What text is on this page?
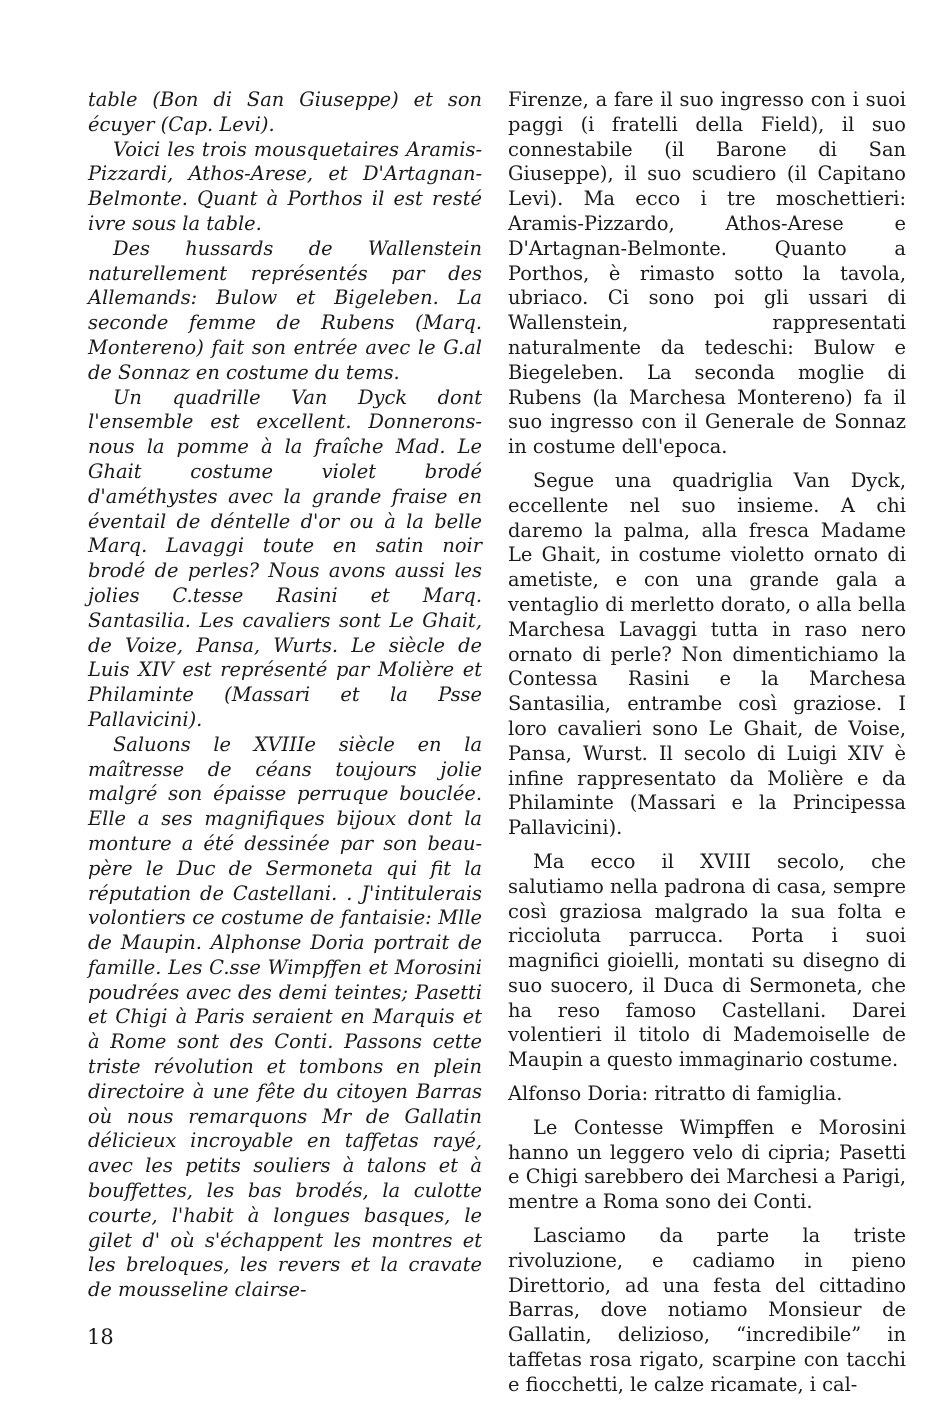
table (Bon di San Giuseppe) et son écuyer (Cap. Levi).

Voici les trois mousquetaires Aramis-Pizzardi, Athos-Arese, et D'Artagnan-Belmonte. Quant à Porthos il est resté ivre sous la table.

Des hussards de Wallenstein naturellement représentés par des Allemands: Bulow et Bigeleben. La seconde femme de Rubens (Marq. Montereno) fait son entrée avec le G.al de Sonnaz en costume du tems.

Un quadrille Van Dyck dont l'ensemble est excellent. Donnerons-nous la pomme à la fraîche Mad. Le Ghait costume violet brodé d'améthystes avec la grande fraise en éventail de déntelle d'or ou à la belle Marq. Lavaggi toute en satin noir brodé de perles? Nous avons aussi les jolies C.tesse Rasini et Marq. Santasilia. Les cavaliers sont Le Ghait, de Voize, Pansa, Wurts. Le siècle de Luis XIV est représenté par Molière et Philaminte (Massari et la Psse Pallavicini).

Saluons le XVIIIe siècle en la maîtresse de céans toujours jolie malgré son épaisse perruque bouclée. Elle a ses magnifiques bijoux dont la monture a été dessinée par son beau-père le Duc de Sermoneta qui fit la réputation de Castellani. . J'intitulerais volontiers ce costume de fantaisie: Mlle de Maupin. Alphonse Doria portrait de famille. Les C.sse Wimpffen et Morosini poudrées avec des demi teintes; Pasetti et Chigi à Paris seraient en Marquis et à Rome sont des Conti. Passons cette triste révolution et tombons en plein directoire à une fête du citoyen Barras où nous remarquons Mr de Gallatin délicieux incroyable en taffetas rayé, avec les petits souliers à talons et à bouffettes, les bas brodés, la culotte courte, l'habit à longues basques, le gilet d' où s'échappent les montres et les breloques, les revers et la cravate de mousseline clairse-

Firenze, a fare il suo ingresso con i suoi paggi (i fratelli della Field), il suo connestabile (il Barone di San Giuseppe), il suo scudiero (il Capitano Levi). Ma ecco i tre moschettieri: Aramis-Pizzardo, Athos-Arese e D'Artagnan-Belmonte. Quanto a Porthos, è rimasto sotto la tavola, ubriaco. Ci sono poi gli ussari di Wallenstein, rappresentati naturalmente da tedeschi: Bulow e Biegeleben. La seconda moglie di Rubens (la Marchesa Montereno) fa il suo ingresso con il Generale de Sonnaz in costume dell'epoca.

Segue una quadriglia Van Dyck, eccellente nel suo insieme. A chi daremo la palma, alla fresca Madame Le Ghait, in costume violetto ornato di ametiste, e con una grande gala a ventaglio di merletto dorato, o alla bella Marchesa Lavaggi tutta in raso nero ornato di perle? Non dimentichiamo la Contessa Rasini e la Marchesa Santasilia, entrambe così graziose. I loro cavalieri sono Le Ghait, de Voise, Pansa, Wurst. Il secolo di Luigi XIV è infine rappresentato da Molière e da Philaminte (Massari e la Principessa Pallavicini).

Ma ecco il XVIII secolo, che salutiamo nella padrona di casa, sempre così graziosa malgrado la sua folta e riccioluta parrucca. Porta i suoi magnifici gioielli, montati su disegno di suo suocero, il Duca di Sermoneta, che ha reso famoso Castellani. Darei volentieri il titolo di Mademoiselle de Maupin a questo immaginario costume.

Alfonso Doria: ritratto di famiglia.

Le Contesse Wimpffen e Morosini hanno un leggero velo di cipria; Pasetti e Chigi sarebbero dei Marchesi a Parigi, mentre a Roma sono dei Conti.

Lasciamo da parte la triste rivoluzione, e cadiamo in pieno Direttorio, ad una festa del cittadino Barras, dove notiamo Monsieur de Gallatin, delizioso, “incredibile” in taffetas rosa rigato, scarpine con tacchi e fiocchetti, le calze ricamate, i cal-

18
